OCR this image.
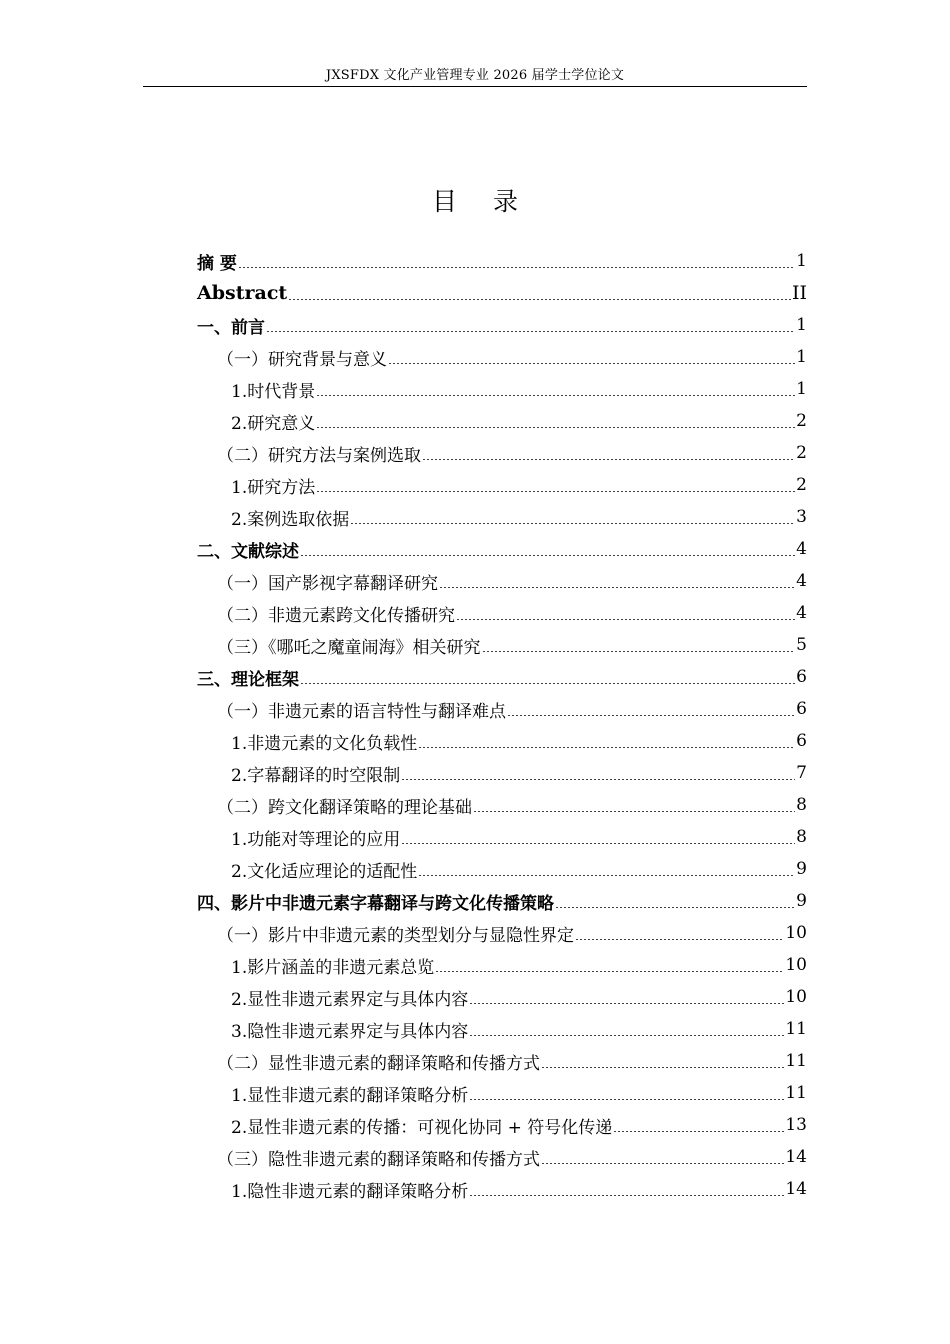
JXSFDX 文化产业管理专业 2026 届学士学位论文
目 录
摘 要	1
Abstract	II
一、前言	1
（一）研究背景与意义	1
1.时代背景	1
2.研究意义	2
（二）研究方法与案例选取	2
1.研究方法	2
2.案例选取依据	3
二、文献综述	4
（一）国产影视字幕翻译研究	4
（二）非遗元素跨文化传播研究	4
（三）《哪吒之魔童闹海》相关研究	5
三、理论框架	6
（一）非遗元素的语言特性与翻译难点	6
1.非遗元素的文化负载性	6
2.字幕翻译的时空限制	7
（二）跨文化翻译策略的理论基础	8
1.功能对等理论的应用	8
2.文化适应理论的适配性	9
四、影片中非遗元素字幕翻译与跨文化传播策略	9
（一）影片中非遗元素的类型划分与显隐性界定	10
1.影片涵盖的非遗元素总览	10
2.显性非遗元素界定与具体内容	10
3.隐性非遗元素界定与具体内容	11
（二）显性非遗元素的翻译策略和传播方式	11
1.显性非遗元素的翻译策略分析	11
2.显性非遗元素的传播：可视化协同 + 符号化传递	13
（三）隐性非遗元素的翻译策略和传播方式	14
1.隐性非遗元素的翻译策略分析	14
